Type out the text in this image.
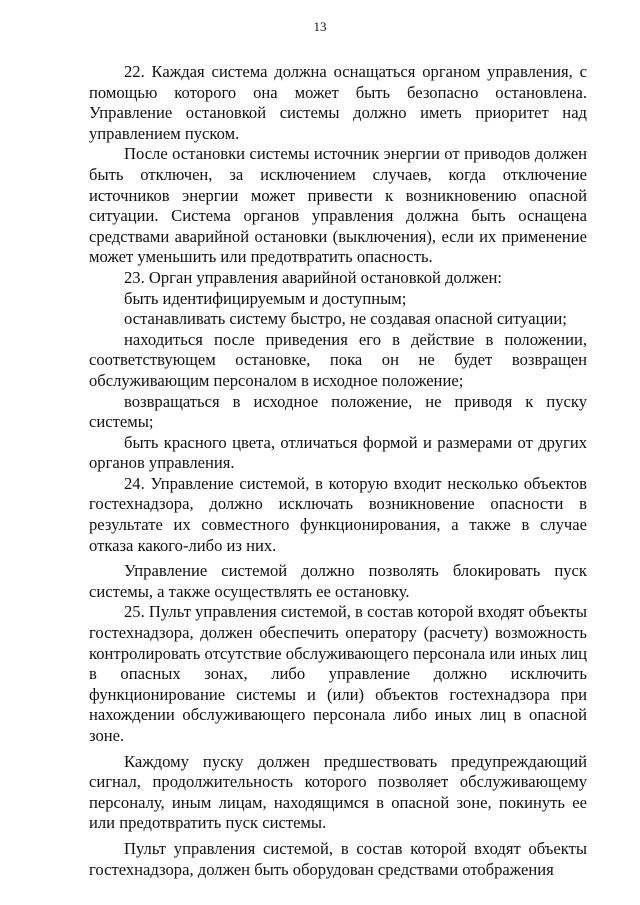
13

22. Каждая система должна оснащаться органом управления, с помощью которого она может быть безопасно остановлена. Управление остановкой системы должно иметь приоритет над управлением пуском.

После остановки системы источник энергии от приводов должен быть отключен, за исключением случаев, когда отключение источников энергии может привести к возникновению опасной ситуации. Система органов управления должна быть оснащена средствами аварийной остановки (выключения), если их применение может уменьшить или предотвратить опасность.

23. Орган управления аварийной остановкой должен:

быть идентифицируемым и доступным;

останавливать систему быстро, не создавая опасной ситуации;

находиться после приведения его в действие в положении, соответствующем остановке, пока он не будет возвращен обслуживающим персоналом в исходное положение;

возвращаться в исходное положение, не приводя к пуску системы;

быть красного цвета, отличаться формой и размерами от других органов управления.

24. Управление системой, в которую входит несколько объектов гостехнадзора, должно исключать возникновение опасности в результате их совместного функционирования, а также в случае отказа какого-либо из них.

Управление системой должно позволять блокировать пуск системы, а также осуществлять ее остановку.

25. Пульт управления системой, в состав которой входят объекты гостехнадзора, должен обеспечить оператору (расчету) возможность контролировать отсутствие обслуживающего персонала или иных лиц в опасных зонах, либо управление должно исключить функционирование системы и (или) объектов гостехнадзора при нахождении обслуживающего персонала либо иных лиц в опасной зоне.

Каждому пуску должен предшествовать предупреждающий сигнал, продолжительность которого позволяет обслуживающему персоналу, иным лицам, находящимся в опасной зоне, покинуть ее или предотвратить пуск системы.

Пульт управления системой, в состав которой входят объекты гостехнадзора, должен быть оборудован средствами отображения
